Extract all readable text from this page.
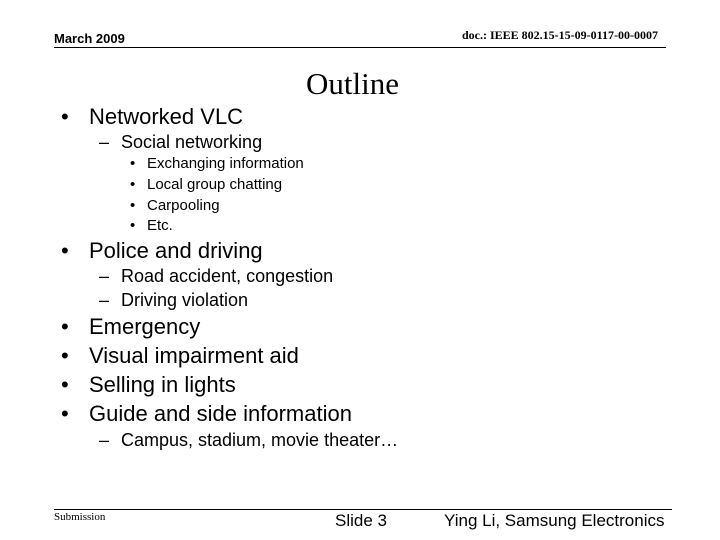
March 2009	doc.: IEEE 802.15-15-09-0117-00-0007
Outline
• Networked VLC
– Social networking
• Exchanging information
• Local group chatting
• Carpooling
• Etc.
• Police and driving
– Road accident, congestion
– Driving violation
• Emergency
• Visual impairment aid
• Selling in lights
• Guide and side information
– Campus, stadium, movie theater…
Submission	Slide 3	Ying Li, Samsung Electronics
